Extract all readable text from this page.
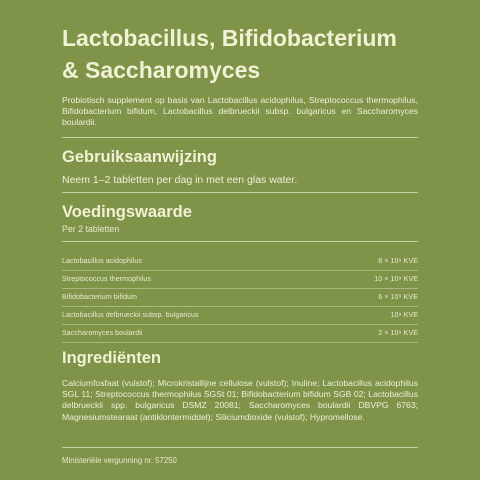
Lactobacillus, Bifidobacterium
& Saccharomyces
Probiotisch supplement op basis van Lactobacillus acidophilus, Streptococcus thermophilus, Bifidobacterium bifidum, Lactobacillus delbrueckii subsp. bulgaricus en Saccharomyces boulardii.
Gebruiksaanwijzing
Neem 1–2 tabletten per dag in met een glas water.
Voedingswaarde
Per 2 tabletten
Lactobacillus acidophilus	8 × 10⁹ KVE
Streptococcus thermophilus	10 × 10⁹ KVE
Bifidobacterium bifidum	6 × 10⁹ KVE
Lactobacillus delbrueckii subsp. bulgaricus	10⁹ KVE
Saccharomyces boulardii	2 × 10⁹ KVE
Ingrediënten
Calciumfosfaat (vulstof); Microkristallijne cellulose (vulstof); Inuline; Lactobacillus acidophilus SGL 11; Streptococcus thermophilus SGSt 01; Bifidobacterium bifidum SGB 02; Lactobacillus delbrueckii spp. bulgaricus DSMZ 20081; Saccharomyces boulardii DBVPG 6763; Magnesiumstearaat (antiklontermiddel); Siliciumdioxide (vulstof); Hypromellose.
Ministeriële vergunning nr. 57250
